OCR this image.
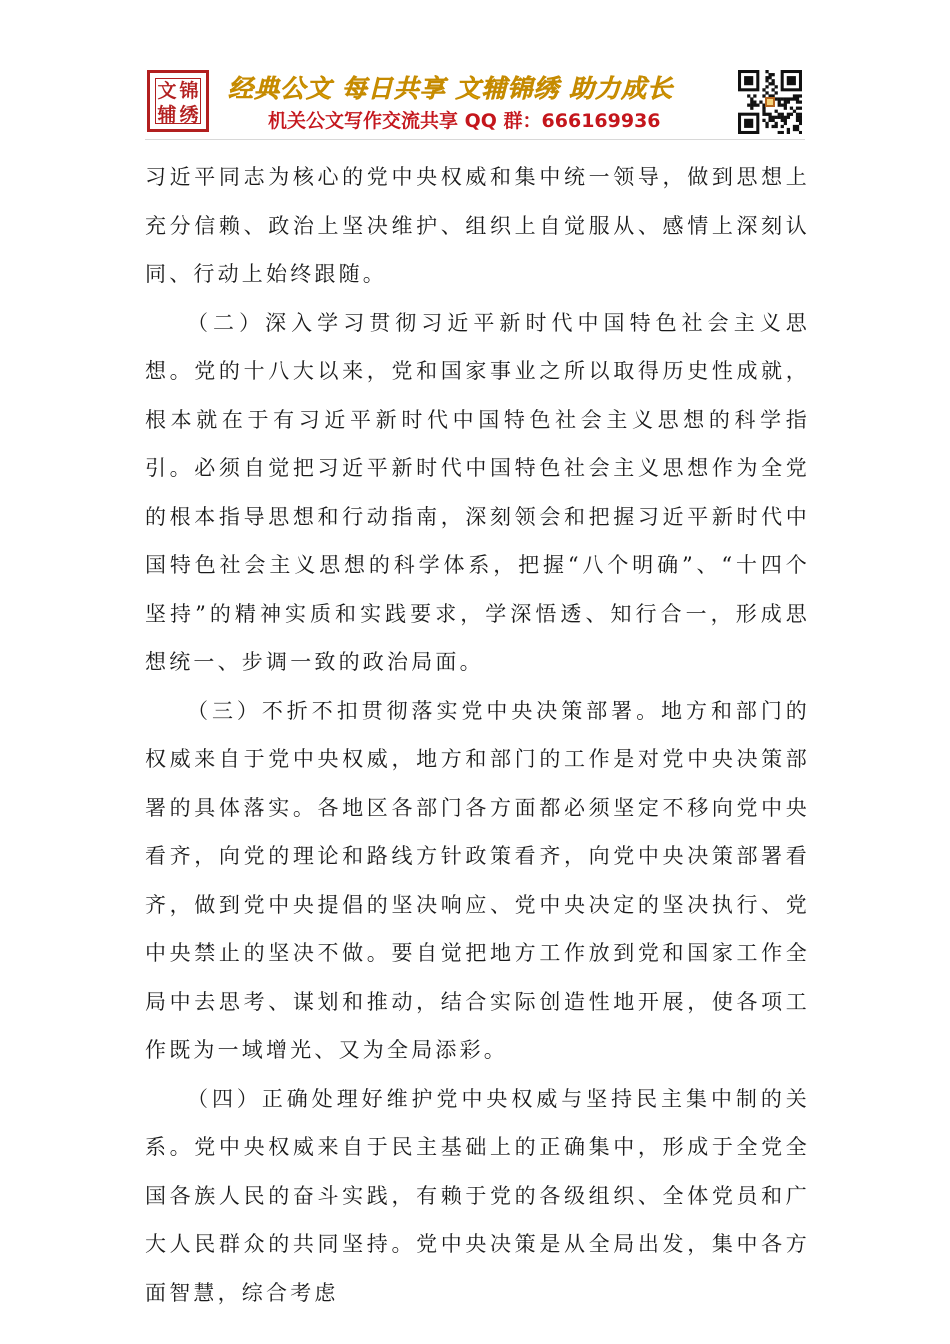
文 锦
辅 绣
经典公文 每日共享 文辅锦绣 助力成长
机关公文写作交流共享 QQ 群：666169936

习近平同志为核心的党中央权威和集中统一领导，做到思想上充分信赖、政治上坚决维护、组织上自觉服从、感情上深刻认同、行动上始终跟随。

（二）深入学习贯彻习近平新时代中国特色社会主义思想。党的十八大以来，党和国家事业之所以取得历史性成就，根本就在于有习近平新时代中国特色社会主义思想的科学指引。必须自觉把习近平新时代中国特色社会主义思想作为全党的根本指导思想和行动指南，深刻领会和把握习近平新时代中国特色社会主义思想的科学体系，把握“八个明确”、“十四个坚持”的精神实质和实践要求，学深悟透、知行合一，形成思想统一、步调一致的政治局面。

（三）不折不扣贯彻落实党中央决策部署。地方和部门的权威来自于党中央权威，地方和部门的工作是对党中央决策部署的具体落实。各地区各部门各方面都必须坚定不移向党中央看齐，向党的理论和路线方针政策看齐，向党中央决策部署看齐，做到党中央提倡的坚决响应、党中央决定的坚决执行、党中央禁止的坚决不做。要自觉把地方工作放到党和国家工作全局中去思考、谋划和推动，结合实际创造性地开展，使各项工作既为一域增光、又为全局添彩。

（四）正确处理好维护党中央权威与坚持民主集中制的关系。党中央权威来自于民主基础上的正确集中，形成于全党全国各族人民的奋斗实践，有赖于党的各级组织、全体党员和广大人民群众的共同坚持。党中央决策是从全局出发，集中各方面智慧，综合考虑
